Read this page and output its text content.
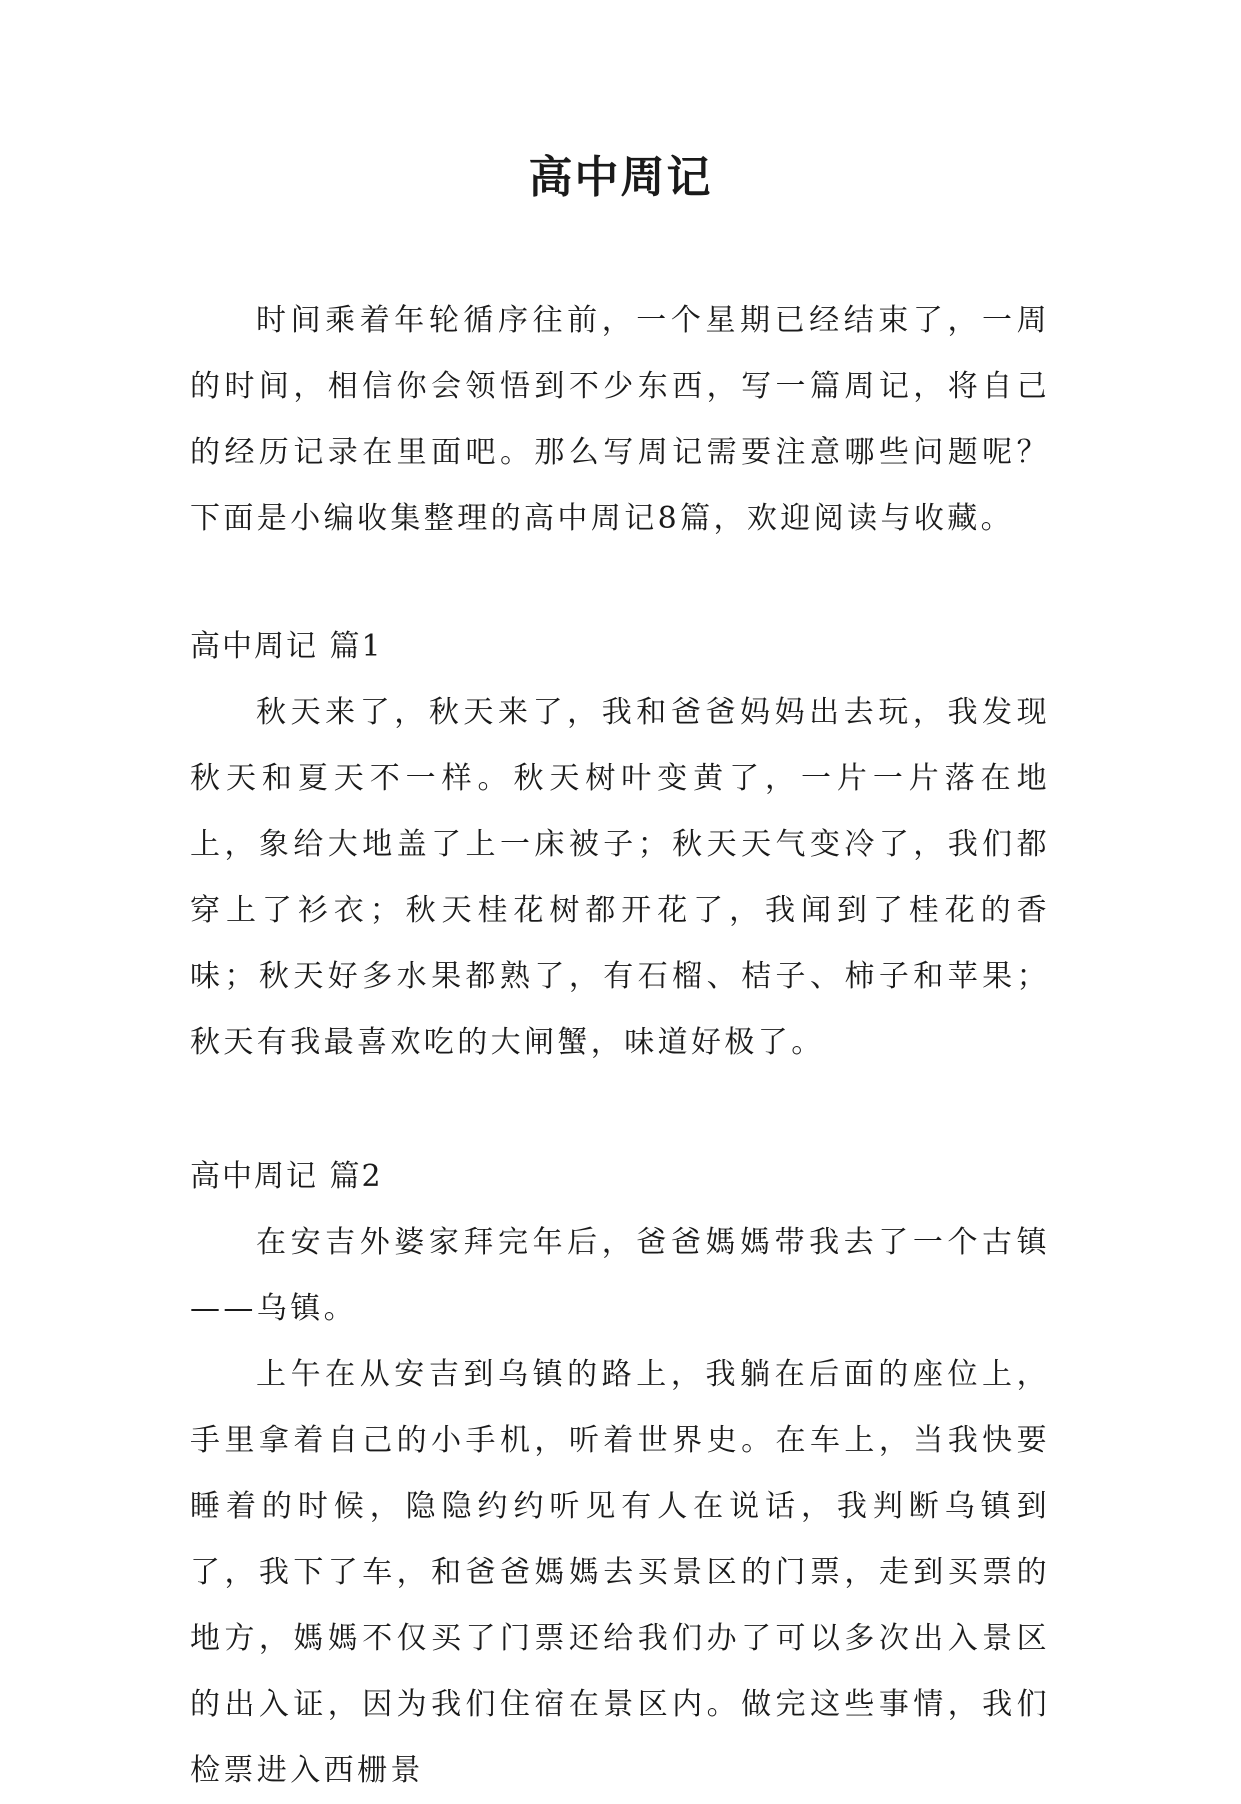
高中周记

时间乘着年轮循序往前，一个星期已经结束了，一周的时间，相信你会领悟到不少东西，写一篇周记，将自己的经历记录在里面吧。那么写周记需要注意哪些问题呢？下面是小编收集整理的高中周记8篇，欢迎阅读与收藏。

高中周记 篇1

秋天来了，秋天来了，我和爸爸妈妈出去玩，我发现秋天和夏天不一样。秋天树叶变黄了，一片一片落在地上，象给大地盖了上一床被子；秋天天气变冷了，我们都穿上了衫衣；秋天桂花树都开花了，我闻到了桂花的香味；秋天好多水果都熟了，有石榴、桔子、柿子和苹果；秋天有我最喜欢吃的大闸蟹，味道好极了。

高中周记 篇2

在安吉外婆家拜完年后，爸爸媽媽带我去了一个古镇——乌镇。

上午在从安吉到乌镇的路上，我躺在后面的座位上，手里拿着自己的小手机，听着世界史。在车上，当我快要睡着的时候，隐隐约约听见有人在说话，我判断乌镇到了，我下了车，和爸爸媽媽去买景区的门票，走到买票的地方，媽媽不仅买了门票还给我们办了可以多次出入景区的出入证，因为我们住宿在景区内。做完这些事情，我们检票进入西栅景
